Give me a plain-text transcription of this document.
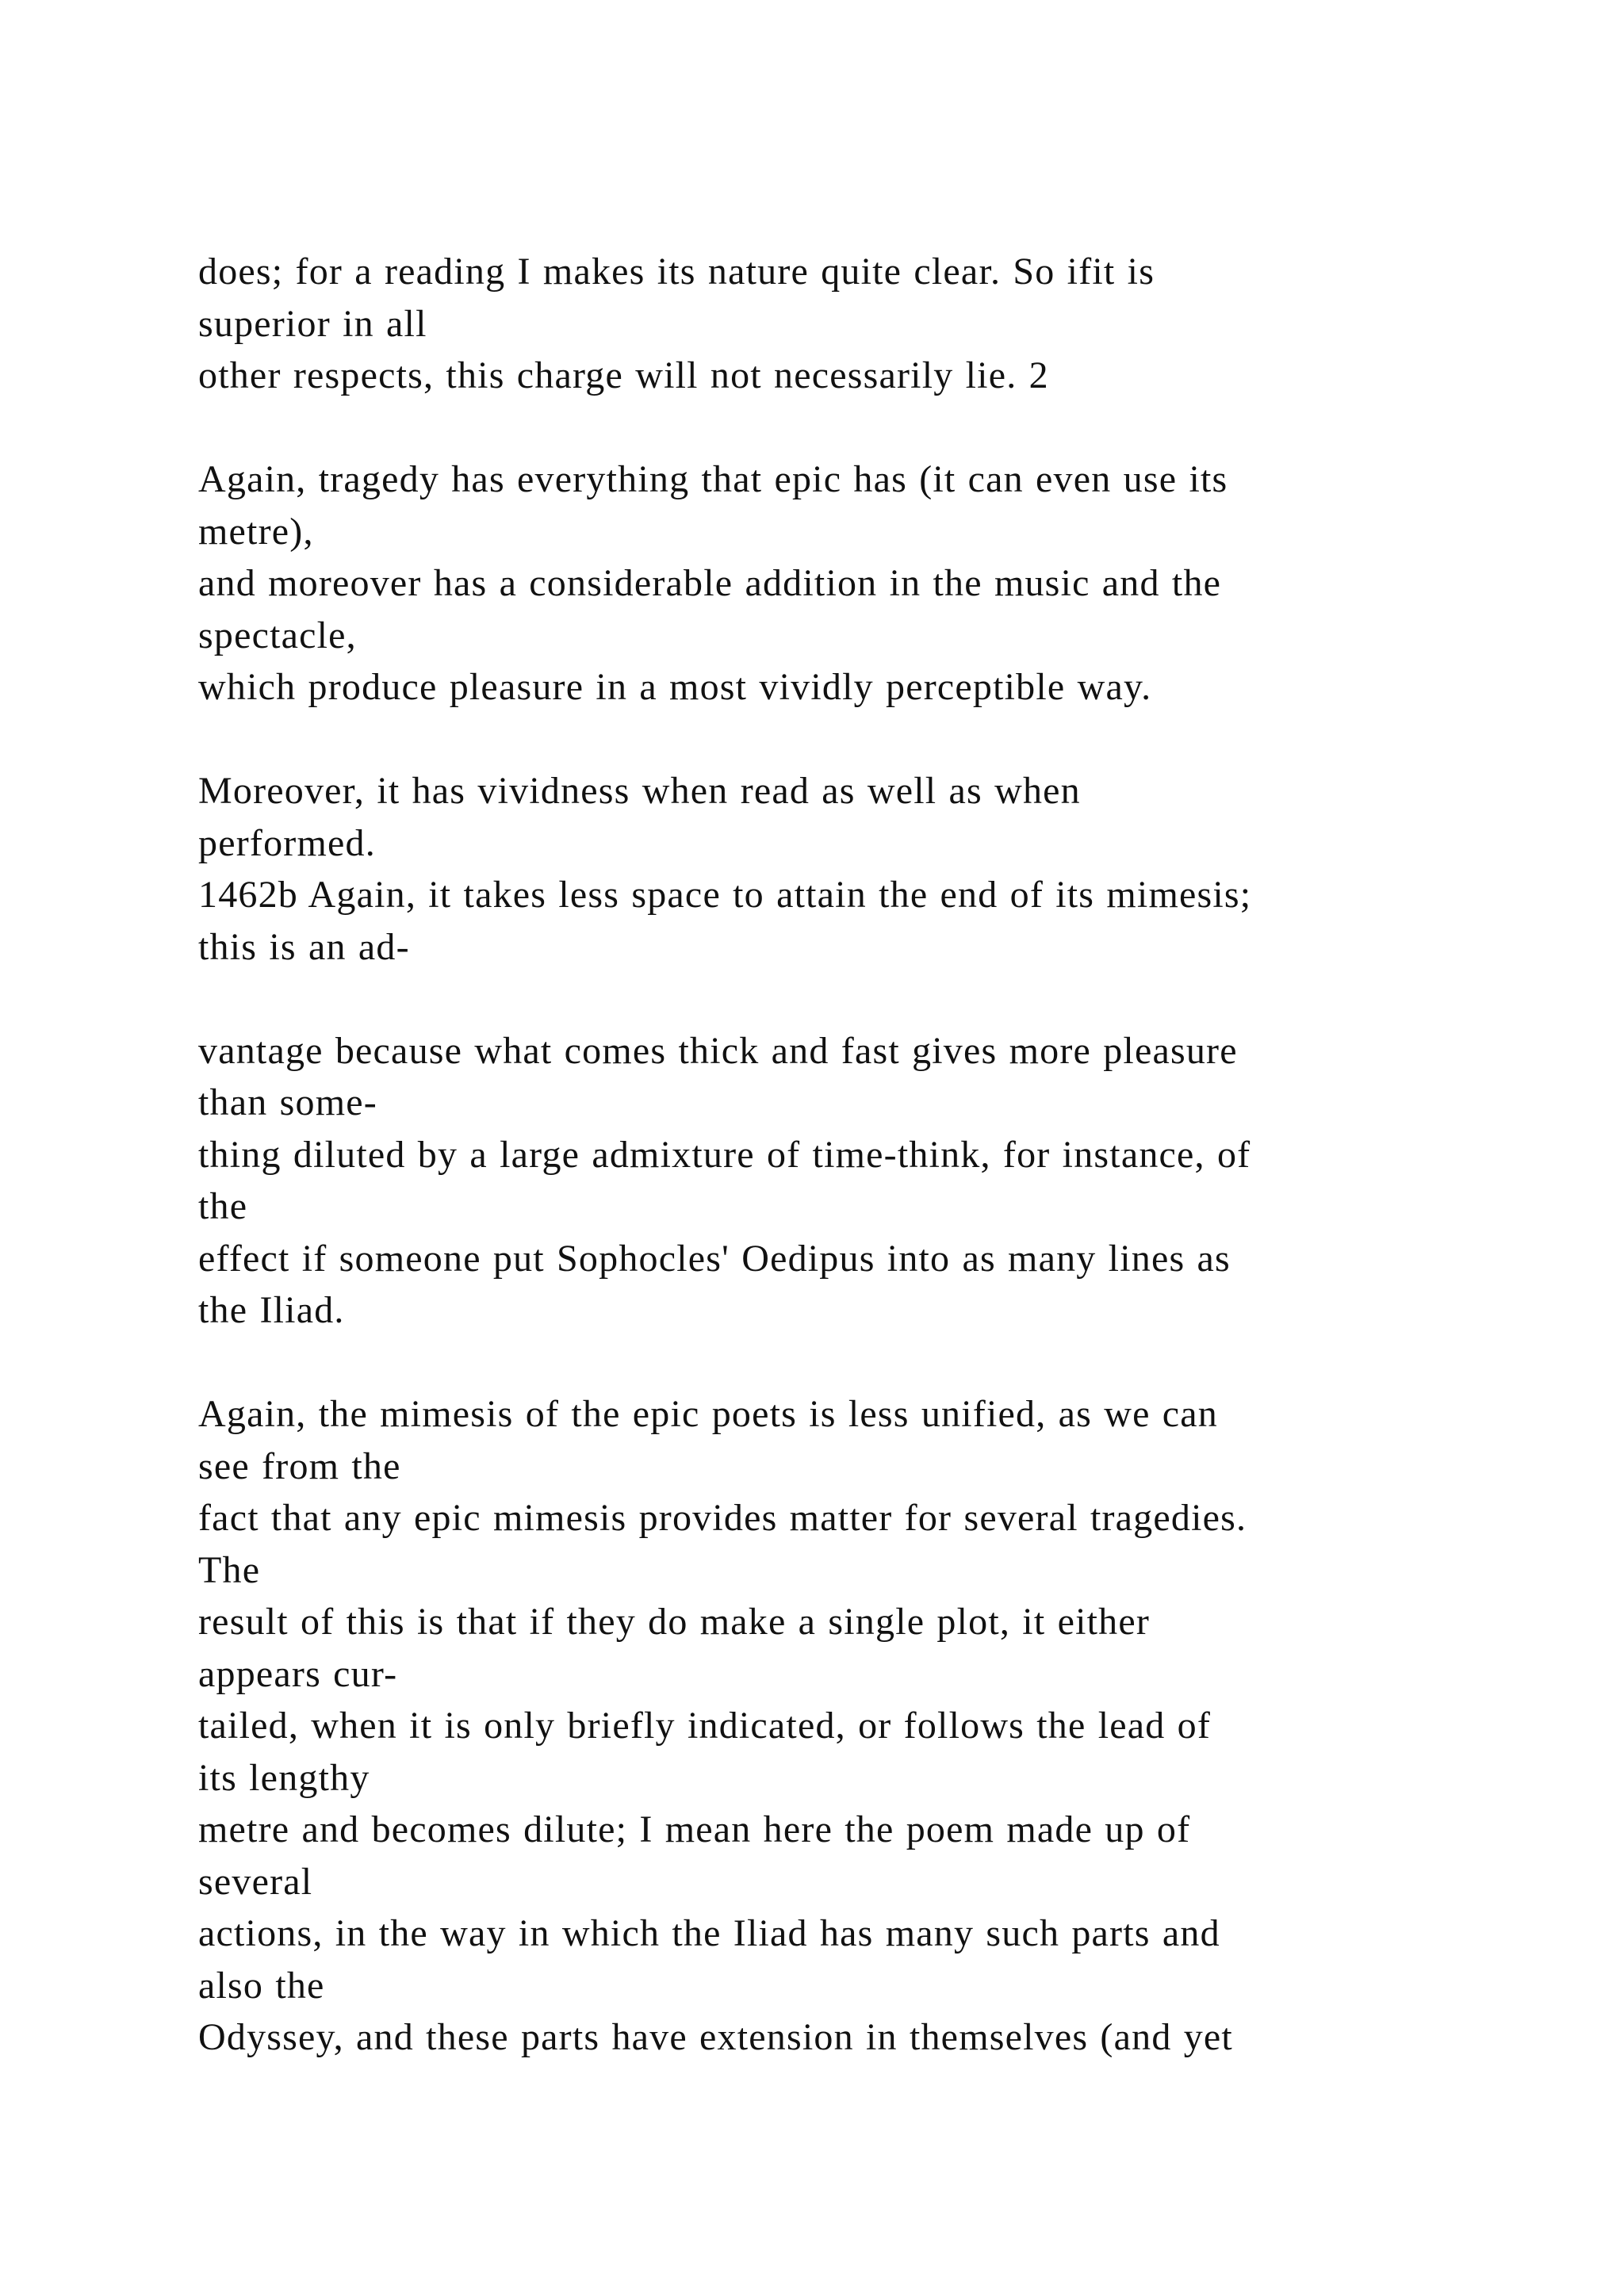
does; for a reading I makes its nature quite clear. So ifit is
superior in all
other respects, this charge will not necessarily lie. 2
Again, tragedy has everything that epic has (it can even use its
metre),
and moreover has a considerable addition in the music and the
spectacle,
which produce pleasure in a most vividly perceptible way.
Moreover, it has vividness when read as well as when
performed.
1462b Again, it takes less space to attain the end of its mimesis;
this is an ad-
vantage because what comes thick and fast gives more pleasure
than some-
thing diluted by a large admixture of time-think, for instance, of
the
effect if someone put Sophocles' Oedipus into as many lines as
the Iliad.
Again, the mimesis of the epic poets is less unified, as we can
see from the
fact that any epic mimesis provides matter for several tragedies.
The
result of this is that if they do make a single plot, it either
appears cur-
tailed, when it is only briefly indicated, or follows the lead of
its lengthy
metre and becomes dilute; I mean here the poem made up of
several
actions, in the way in which the Iliad has many such parts and
also the
Odyssey, and these parts have extension in themselves (and yet
